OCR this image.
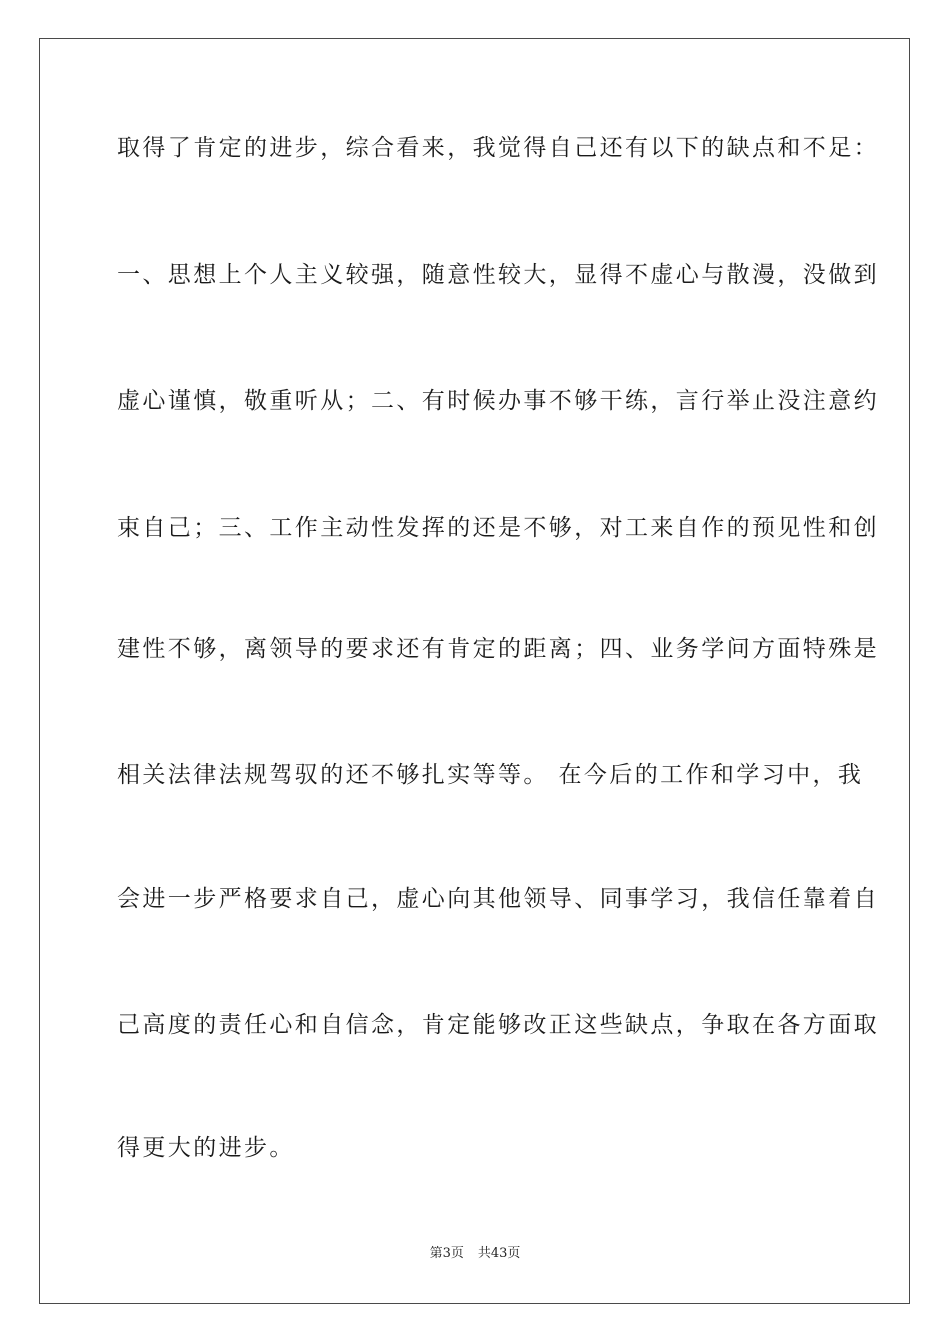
取得了肯定的进步，综合看来，我觉得自己还有以下的缺点和不足：
一、思想上个人主义较强，随意性较大，显得不虚心与散漫，没做到
虚心谨慎，敬重听从；二、有时候办事不够干练，言行举止没注意约
束自己；三、工作主动性发挥的还是不够，对工来自作的预见性和创
建性不够，离领导的要求还有肯定的距离；四、业务学问方面特殊是
相关法律法规驾驭的还不够扎实等等。 在今后的工作和学习中，我
会进一步严格要求自己，虚心向其他领导、同事学习，我信任靠着自
己高度的责任心和自信念，肯定能够改正这些缺点，争取在各方面取
得更大的进步。
第3页 共43页
